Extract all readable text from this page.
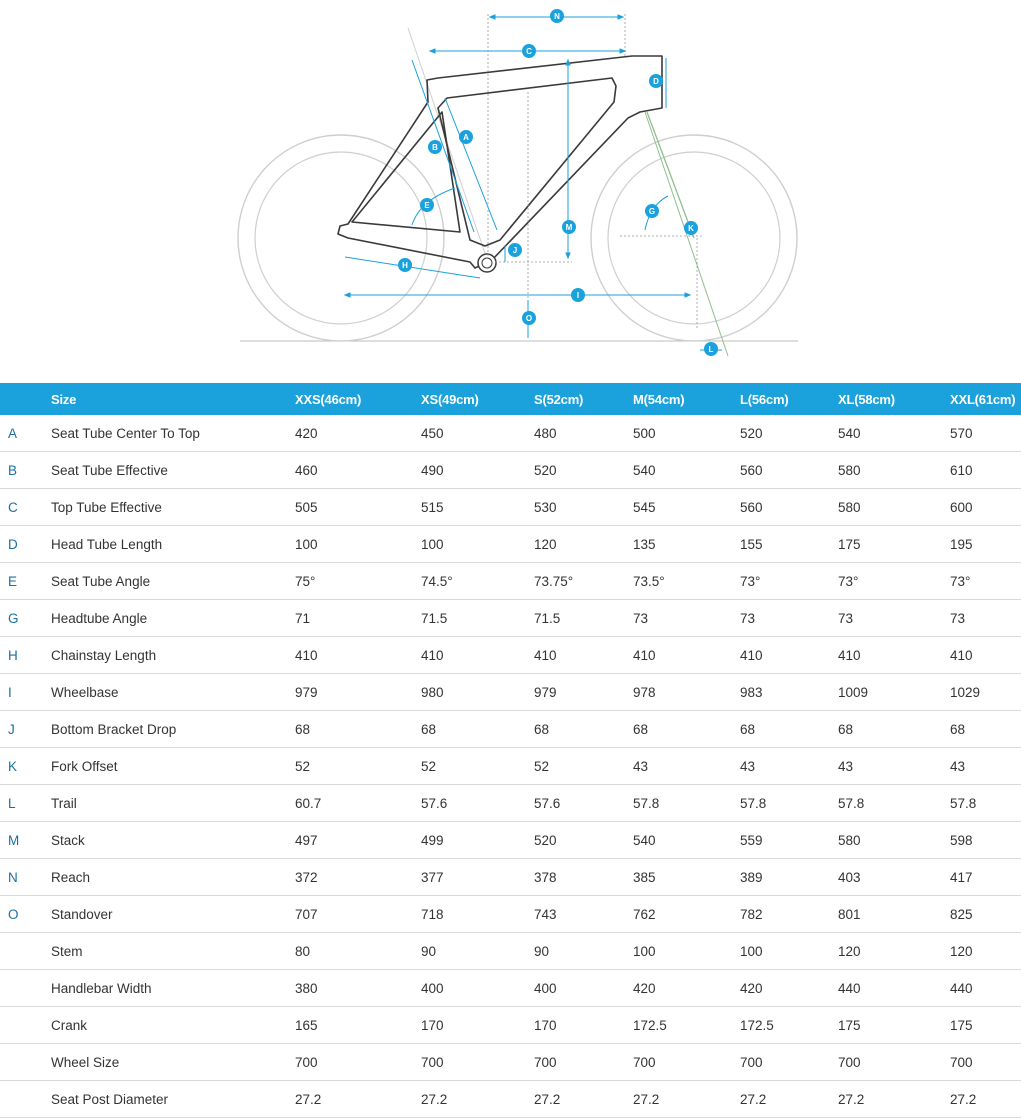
N
C
D
A
B
M
E
J
G
K
H
I
O
L
	Size	XXS(46cm)	XS(49cm)	S(52cm)	M(54cm)	L(56cm)	XL(58cm)	XXL(61cm)
A	Seat Tube Center To Top	420	450	480	500	520	540	570
B	Seat Tube Effective	460	490	520	540	560	580	610
C	Top Tube Effective	505	515	530	545	560	580	600
D	Head Tube Length	100	100	120	135	155	175	195
E	Seat Tube Angle	75°	74.5°	73.75°	73.5°	73°	73°	73°
G	Headtube Angle	71	71.5	71.5	73	73	73	73
H	Chainstay Length	410	410	410	410	410	410	410
I	Wheelbase	979	980	979	978	983	1009	1029
J	Bottom Bracket Drop	68	68	68	68	68	68	68
K	Fork Offset	52	52	52	43	43	43	43
L	Trail	60.7	57.6	57.6	57.8	57.8	57.8	57.8
M	Stack	497	499	520	540	559	580	598
N	Reach	372	377	378	385	389	403	417
O	Standover	707	718	743	762	782	801	825
	Stem	80	90	90	100	100	120	120
	Handlebar Width	380	400	400	420	420	440	440
	Crank	165	170	170	172.5	172.5	175	175
	Wheel Size	700	700	700	700	700	700	700
	Seat Post Diameter	27.2	27.2	27.2	27.2	27.2	27.2	27.2
